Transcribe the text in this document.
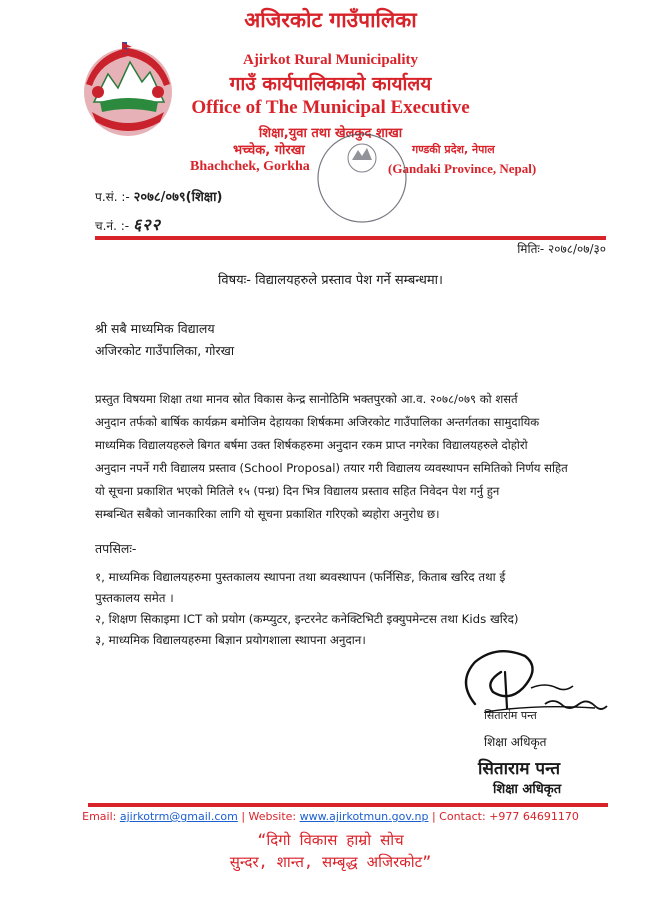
अजिरकोट गाउँपालिका
Ajirkot Rural Municipality
गाउँ कार्यपालिकाको कार्यालय
Office of The Municipal Executive
शिक्षा,युवा तथा खेलकुद शाखा
भच्चेक, गोरखा	गण्डकी प्रदेश, नेपाल
Bhachchek, Gorkha	(Gandaki Province, Nepal)
प.सं. :- २०७८/०७९(शिक्षा)
च.नं. :- ६२२
मितिः- २०७८/०७/३०
विषयः- विद्यालयहरुले प्रस्ताव पेश गर्ने सम्बन्धमा।
श्री सबै माध्यमिक विद्यालय
अजिरकोट गाउँपालिका, गोरखा
प्रस्तुत विषयमा शिक्षा तथा मानव स्रोत विकास केन्द्र सानोठिमि भक्तपुरको आ.व. २०७८/०७९ को शसर्त
अनुदान तर्फको बार्षिक कार्यक्रम बमोजिम देहायका शिर्षकमा अजिरकोट गाउँपालिका अन्तर्गतका सामुदायिक
माध्यमिक विद्यालयहरुले बिगत बर्षमा उक्त शिर्षकहरुमा अनुदान रकम प्राप्त नगरेका विद्यालयहरुले दोहोरो
अनुदान नपर्ने गरी विद्यालय प्रस्ताव (School Proposal) तयार गरी विद्यालय व्यवस्थापन समितिको निर्णय सहित
यो सूचना प्रकाशित भएको मितिले १५ (पन्ध्र) दिन भित्र विद्यालय प्रस्ताव सहित निवेदन पेश गर्नु हुन
सम्बन्धित सबैको जानकारिका लागि यो सूचना प्रकाशित गरिएको ब्यहोरा अनुरोध छ।
तपसिलः-
१, माध्यमिक विद्यालयहरुमा पुस्तकालय स्थापना तथा ब्यवस्थापन (फर्निसिङ, किताब खरिद तथा ई
पुस्तकालय समेत ।
२, शिक्षण सिकाइमा ICT को प्रयोग (कम्प्युटर, इन्टरनेट कनेक्टिभिटी इक्युपमेन्टस तथा Kids खरिद)
३, माध्यमिक विद्यालयहरुमा बिज्ञान प्रयोगशाला स्थापना अनुदान।
सितारा॑म पन्त
शिक्षा अधिकृत
सिताराम पन्त
शिक्षा अधिकृत
Email: ajirkotrm@gmail.com | Website: www.ajirkotmun.gov.np | Contact: +977 64691170
“दिगो विकास हाम्रो सोच
सुन्दर, शान्त, सम्बृद्ध अजिरकोट”
